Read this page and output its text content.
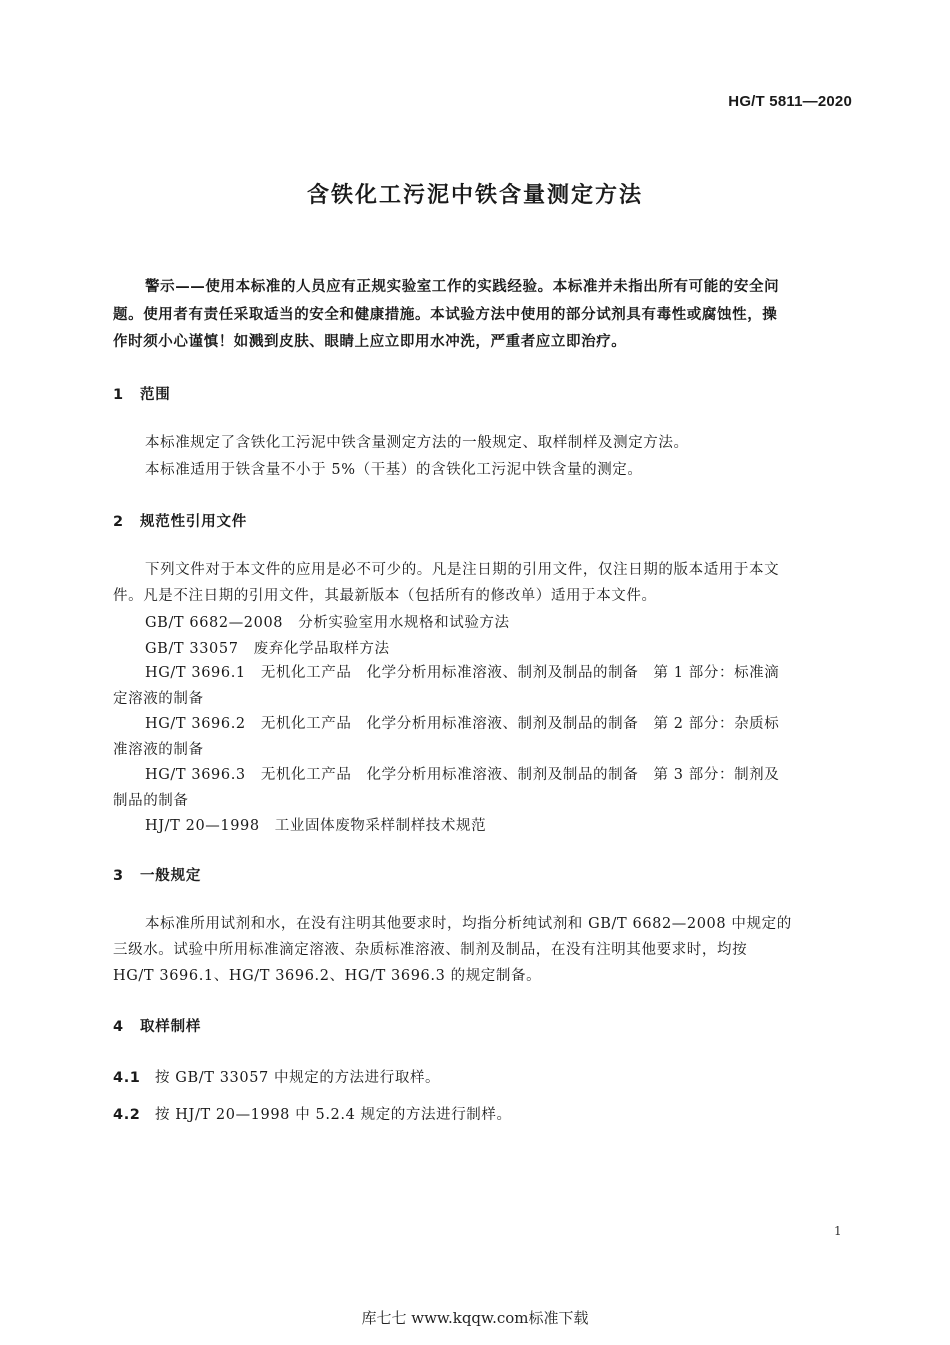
HG/T 5811—2020
含铁化工污泥中铁含量测定方法

警示——使用本标准的人员应有正规实验室工作的实践经验。本标准并未指出所有可能的安全问

题。使用者有责任采取适当的安全和健康措施。本试验方法中使用的部分试剂具有毒性或腐蚀性，操

作时须小心谨慎！如溅到皮肤、眼睛上应立即用水冲洗，严重者应立即治疗。

1 范围
本标准规定了含铁化工污泥中铁含量测定方法的一般规定、取样制样及测定方法。
本标准适用于铁含量不小于 5%（干基）的含铁化工污泥中铁含量的测定。
2 规范性引用文件
下列文件对于本文件的应用是必不可少的。凡是注日期的引用文件，仅注日期的版本适用于本文
件。凡是不注日期的引用文件，其最新版本（包括所有的修改单）适用于本文件。
GB/T 6682—2008　 分析实验室用水规格和试验方法
GB/T 33057　 废弃化学品取样方法
HG/T 3696.1　 无机化工产品　化学分析用标准溶液、制剂及制品的制备　第 1 部分：标准滴
定溶液的制备
HG/T 3696.2　 无机化工产品　化学分析用标准溶液、制剂及制品的制备　第 2 部分：杂质标
准溶液的制备
HG/T 3696.3　 无机化工产品　化学分析用标准溶液、制剂及制品的制备　第 3 部分：制剂及
制品的制备
HJ/T 20—1998　 工业固体废物采样制样技术规范
3 一般规定
本标准所用试剂和水，在没有注明其他要求时，均指分析纯试剂和 GB/T 6682—2008 中规定的
三级水。试验中所用标准滴定溶液、杂质标准溶液、制剂及制品，在没有注明其他要求时，均按
HG/T 3696.1、HG/T 3696.2、HG/T 3696.3 的规定制备。
4 取样制样
4.1 按 GB/T 33057 中规定的方法进行取样。
4.2 按 HJ/T 20—1998 中 5.2.4 规定的方法进行制样。
1
库七七 www.kqqw.com标准下载
